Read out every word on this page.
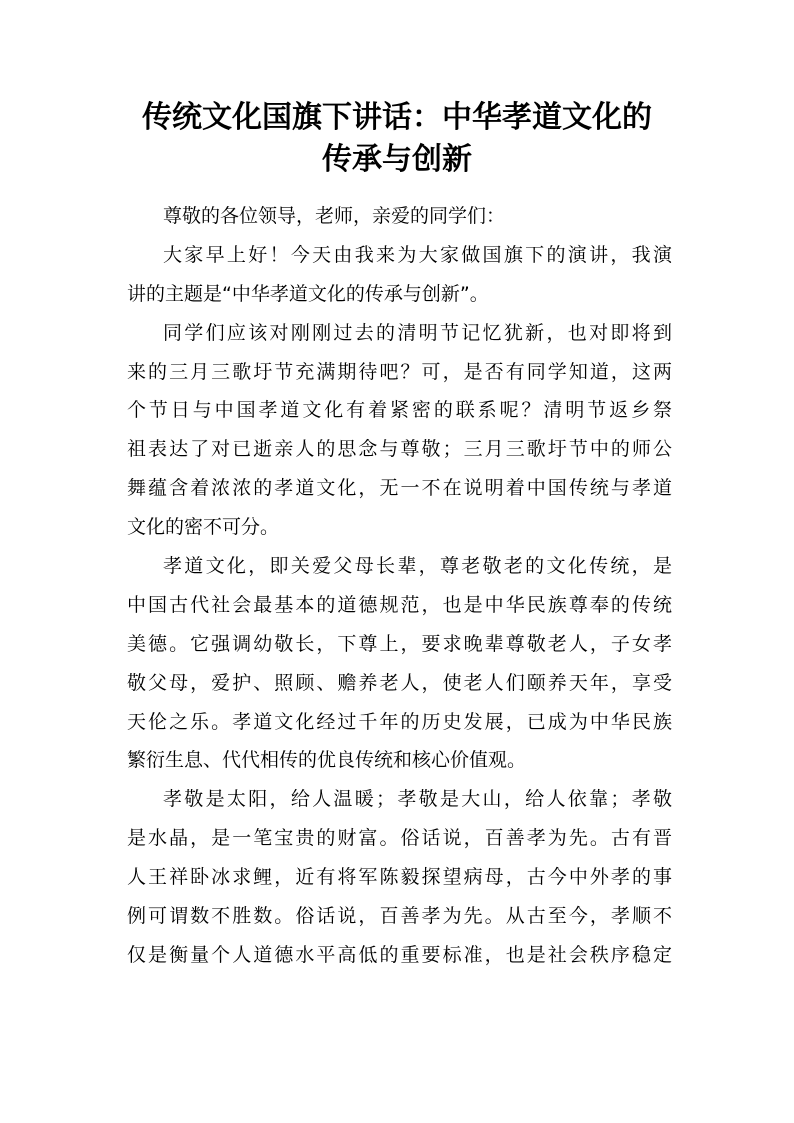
传统文化国旗下讲话：中华孝道文化的
传承与创新
尊敬的各位领导，老师，亲爱的同学们：
大家早上好！今天由我来为大家做国旗下的演讲，我演
讲的主题是“中华孝道文化的传承与创新”。
同学们应该对刚刚过去的清明节记忆犹新，也对即将到
来的三月三歌圩节充满期待吧？可，是否有同学知道，这两
个节日与中国孝道文化有着紧密的联系呢？清明节返乡祭
祖表达了对已逝亲人的思念与尊敬；三月三歌圩节中的师公
舞蕴含着浓浓的孝道文化，无一不在说明着中国传统与孝道
文化的密不可分。
孝道文化，即关爱父母长辈，尊老敬老的文化传统，是
中国古代社会最基本的道德规范，也是中华民族尊奉的传统
美德。它强调幼敬长，下尊上，要求晚辈尊敬老人，子女孝
敬父母，爱护、照顾、赡养老人，使老人们颐养天年，享受
天伦之乐。孝道文化经过千年的历史发展，已成为中华民族
繁衍生息、代代相传的优良传统和核心价值观。
孝敬是太阳，给人温暖；孝敬是大山，给人依靠；孝敬
是水晶，是一笔宝贵的财富。俗话说，百善孝为先。古有晋
人王祥卧冰求鲤，近有将军陈毅探望病母，古今中外孝的事
例可谓数不胜数。俗话说，百善孝为先。从古至今，孝顺不
仅是衡量个人道德水平高低的重要标准，也是社会秩序稳定
